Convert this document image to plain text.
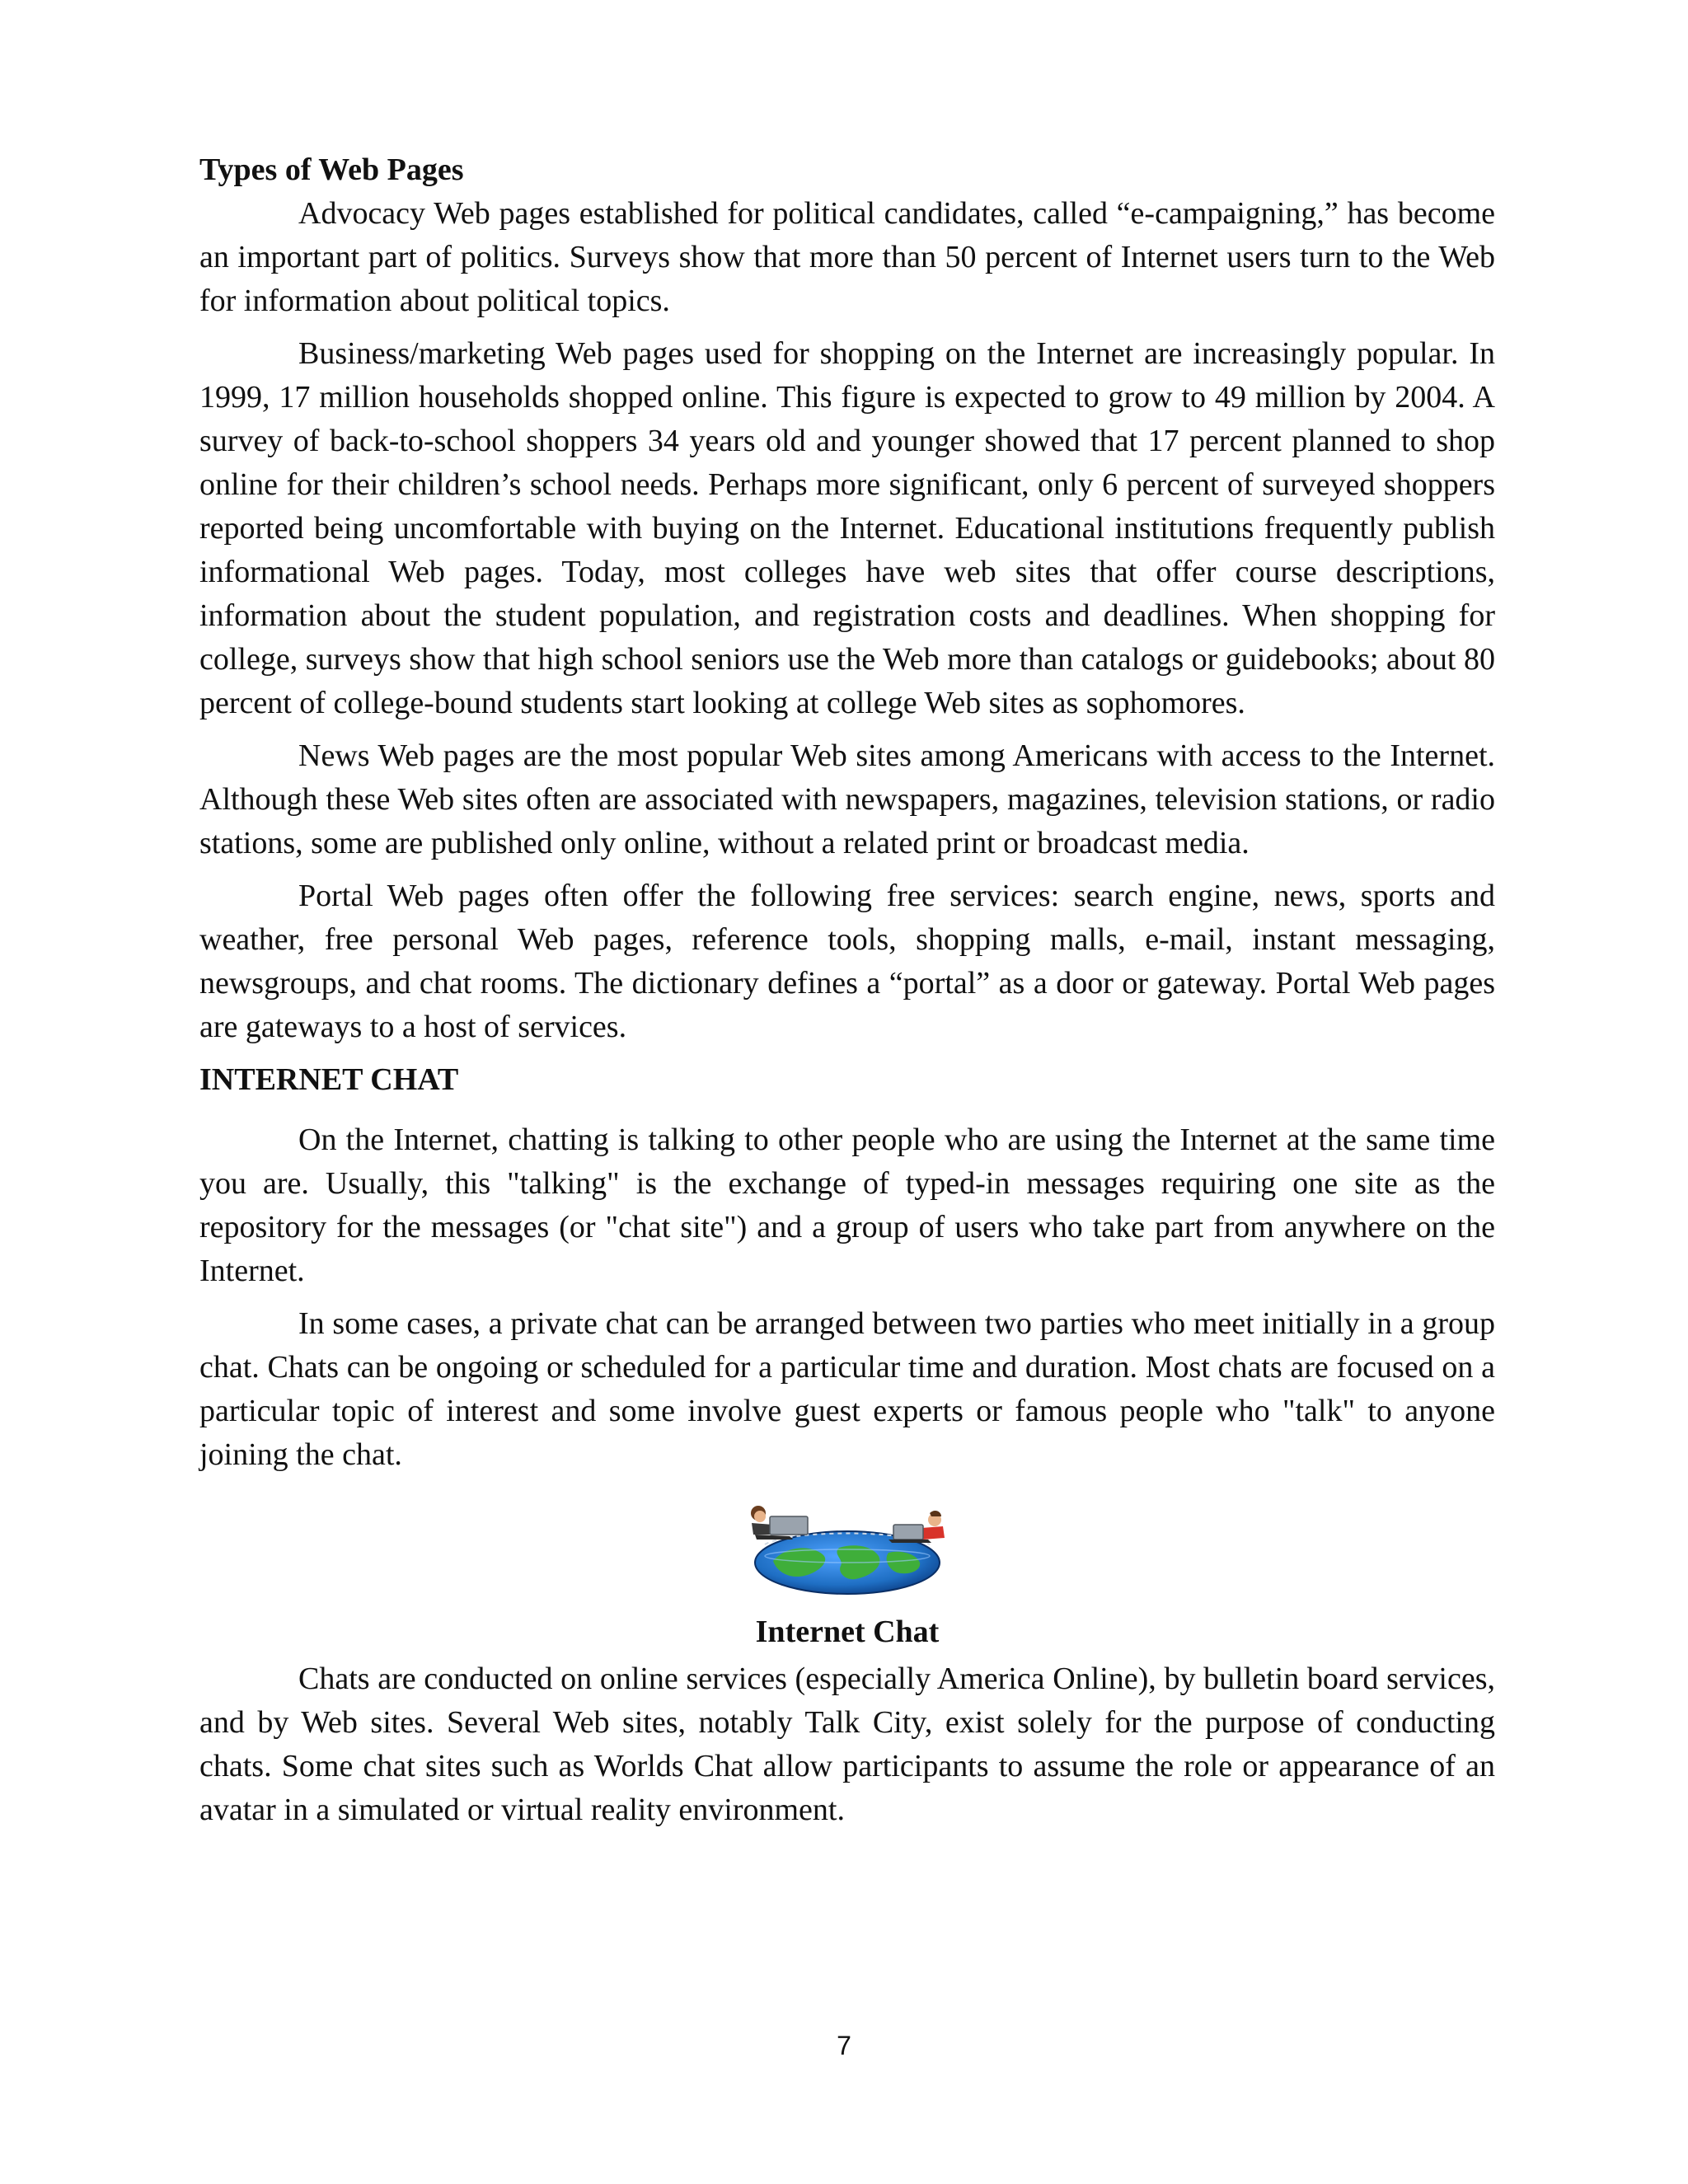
Types of Web Pages

Advocacy Web pages established for political candidates, called “e-campaigning,” has become an important part of politics. Surveys show that more than 50 percent of Internet users turn to the Web for information about political topics.

Business/marketing Web pages used for shopping on the Internet are increasingly popular. In 1999, 17 million households shopped online. This figure is expected to grow to 49 million by 2004. A survey of back-to-school shoppers 34 years old and younger showed that 17 percent planned to shop online for their children’s school needs. Perhaps more significant, only 6 percent of surveyed shoppers reported being uncomfortable with buying on the Internet. Educational institutions frequently publish informational Web pages. Today, most colleges have web sites that offer course descriptions, information about the student population, and registration costs and deadlines. When shopping for college, surveys show that high school seniors use the Web more than catalogs or guidebooks; about 80 percent of college-bound students start looking at college Web sites as sophomores.

News Web pages are the most popular Web sites among Americans with access to the Internet. Although these Web sites often are associated with newspapers, magazines, television stations, or radio stations, some are published only online, without a related print or broadcast media.

Portal Web pages often offer the following free services: search engine, news, sports and weather, free personal Web pages, reference tools, shopping malls, e-mail, instant messaging, newsgroups, and chat rooms. The dictionary defines a “portal” as a door or gateway. Portal Web pages are gateways to a host of services.

INTERNET CHAT

On the Internet, chatting is talking to other people who are using the Internet at the same time you are. Usually, this "talking" is the exchange of typed-in messages requiring one site as the repository for the messages (or "chat site") and a group of users who take part from anywhere on the Internet.

In some cases, a private chat can be arranged between two parties who meet initially in a group chat. Chats can be ongoing or scheduled for a particular time and duration. Most chats are focused on a particular topic of interest and some involve guest experts or famous people who "talk" to anyone joining the chat.

Internet Chat

Chats are conducted on online services (especially America Online), by bulletin board services, and by Web sites. Several Web sites, notably Talk City, exist solely for the purpose of conducting chats. Some chat sites such as Worlds Chat allow participants to assume the role or appearance of an avatar in a simulated or virtual reality environment.

7
